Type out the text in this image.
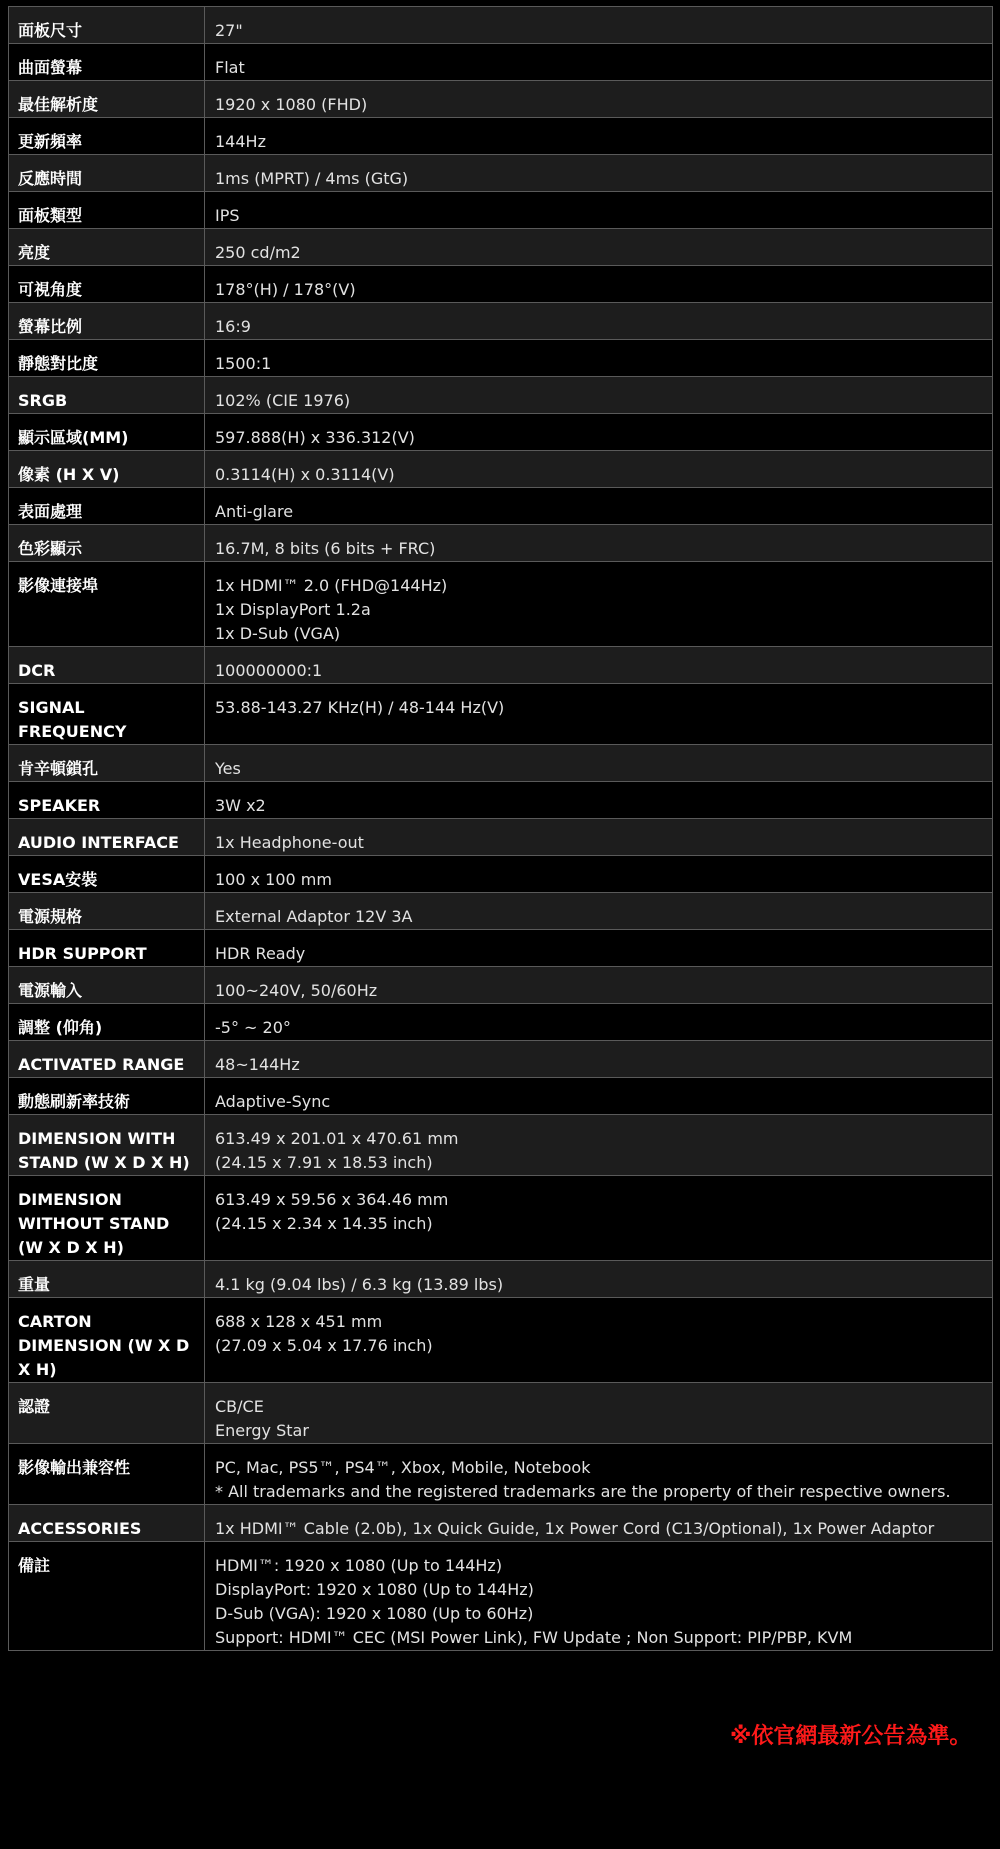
面板尺寸	27"

曲面螢幕	Flat

最佳解析度	1920 x 1080 (FHD)

更新頻率	144Hz

反應時間	1ms (MPRT) / 4ms (GtG)

面板類型	IPS

亮度	250 cd/m2

可視角度	178°(H) / 178°(V)

螢幕比例	16:9

靜態對比度	1500:1

SRGB	102% (CIE 1976)

顯示區域(MM)	597.888(H) x 336.312(V)

像素 (H X V)	0.3114(H) x 0.3114(V)

表面處理	Anti-glare

色彩顯示	16.7M, 8 bits (6 bits + FRC)

影像連接埠	1x HDMI™ 2.0 (FHD@144Hz)
1x DisplayPort 1.2a
1x D-Sub (VGA)

DCR	100000000:1

SIGNAL FREQUENCY	53.88-143.27 KHz(H) / 48-144 Hz(V)

肯辛頓鎖孔	Yes

SPEAKER	3W x2

AUDIO INTERFACE	1x Headphone-out

VESA安裝	100 x 100 mm

電源規格	External Adaptor 12V 3A

HDR SUPPORT	HDR Ready

電源輸入	100~240V, 50/60Hz

調整 (仰角)	-5° ~ 20°

ACTIVATED RANGE	48~144Hz

動態刷新率技術	Adaptive-Sync

DIMENSION WITH STAND (W X D X H)	613.49 x 201.01 x 470.61 mm
(24.15 x 7.91 x 18.53 inch)

DIMENSION WITHOUT STAND (W X D X H)	613.49 x 59.56 x 364.46 mm
(24.15 x 2.34 x 14.35 inch)

重量	4.1 kg (9.04 lbs) / 6.3 kg (13.89 lbs)

CARTON DIMENSION (W X D X H)	688 x 128 x 451 mm
(27.09 x 5.04 x 17.76 inch)

認證	CB/CE
Energy Star

影像輸出兼容性	PC, Mac, PS5™, PS4™, Xbox, Mobile, Notebook
* All trademarks and the registered trademarks are the property of their respective owners.

ACCESSORIES	1x HDMI™ Cable (2.0b), 1x Quick Guide, 1x Power Cord (C13/Optional), 1x Power Adaptor

備註	HDMI™: 1920 x 1080 (Up to 144Hz)
DisplayPort: 1920 x 1080 (Up to 144Hz)
D-Sub (VGA): 1920 x 1080 (Up to 60Hz)
Support: HDMI™ CEC (MSI Power Link), FW Update ; Non Support: PIP/PBP, KVM
※依官網最新公告為準。
